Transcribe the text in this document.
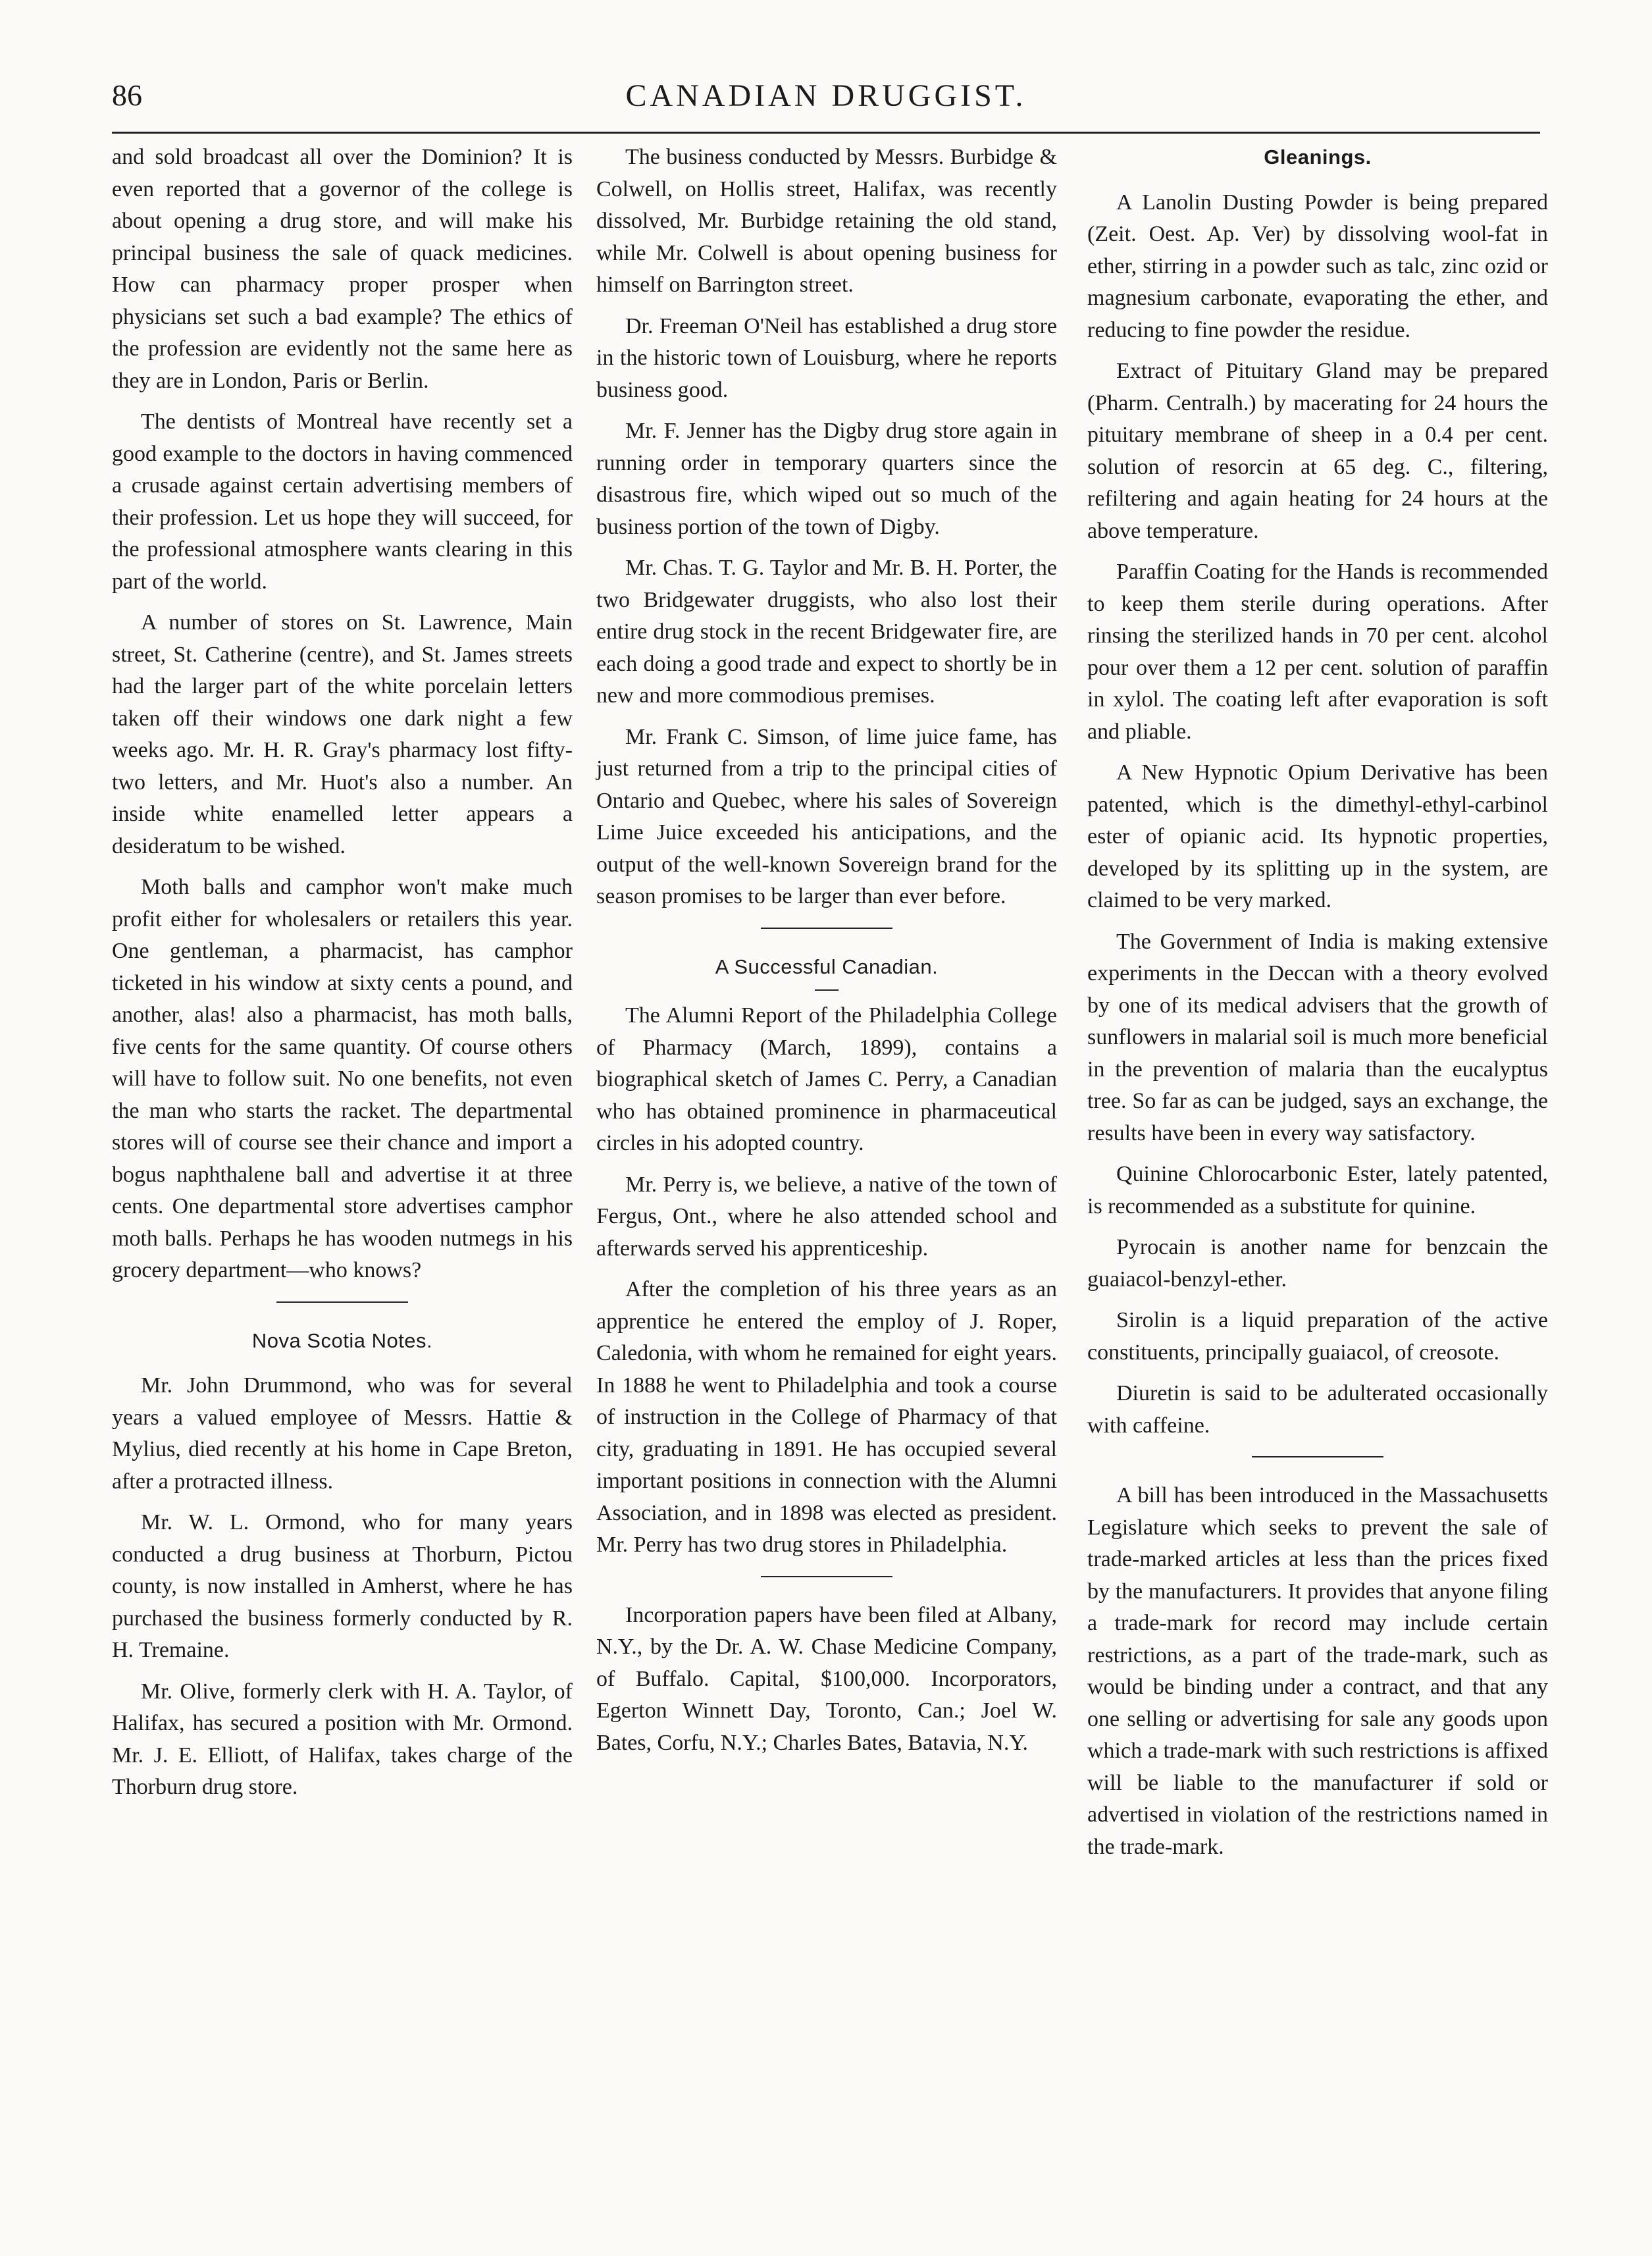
86	CANADIAN DRUGGIST.

and sold broadcast all over the Dominion? It is even reported that a governor of the college is about opening a drug store, and will make his principal business the sale of quack medicines. How can pharmacy proper prosper when physicians set such a bad example? The ethics of the profession are evidently not the same here as they are in London, Paris or Berlin.

The dentists of Montreal have recently set a good example to the doctors in having commenced a crusade against certain advertising members of their profession. Let us hope they will succeed, for the professional atmosphere wants clearing in this part of the world.

A number of stores on St. Lawrence, Main street, St. Catherine (centre), and St. James streets had the larger part of the white porcelain letters taken off their windows one dark night a few weeks ago. Mr. H. R. Gray's pharmacy lost fifty-two letters, and Mr. Huot's also a number. An inside white enamelled letter appears a desideratum to be wished.

Moth balls and camphor won't make much profit either for wholesalers or retailers this year. One gentleman, a pharmacist, has camphor ticketed in his window at sixty cents a pound, and another, alas! also a pharmacist, has moth balls, five cents for the same quantity. Of course others will have to follow suit. No one benefits, not even the man who starts the racket. The departmental stores will of course see their chance and import a bogus naphthalene ball and advertise it at three cents. One departmental store advertises camphor moth balls. Perhaps he has wooden nutmegs in his grocery department—who knows?

Nova Scotia Notes.

Mr. John Drummond, who was for several years a valued employee of Messrs. Hattie & Mylius, died recently at his home in Cape Breton, after a protracted illness.

Mr. W. L. Ormond, who for many years conducted a drug business at Thorburn, Pictou county, is now installed in Amherst, where he has purchased the business formerly conducted by R. H. Tremaine.

Mr. Olive, formerly clerk with H. A. Taylor, of Halifax, has secured a position with Mr. Ormond. Mr. J. E. Elliott, of Halifax, takes charge of the Thorburn drug store.

The business conducted by Messrs. Burbidge & Colwell, on Hollis street, Halifax, was recently dissolved, Mr. Burbidge retaining the old stand, while Mr. Colwell is about opening business for himself on Barrington street.

Dr. Freeman O'Neil has established a drug store in the historic town of Louisburg, where he reports business good.

Mr. F. Jenner has the Digby drug store again in running order in temporary quarters since the disastrous fire, which wiped out so much of the business portion of the town of Digby.

Mr. Chas. T. G. Taylor and Mr. B. H. Porter, the two Bridgewater druggists, who also lost their entire drug stock in the recent Bridgewater fire, are each doing a good trade and expect to shortly be in new and more commodious premises.

Mr. Frank C. Simson, of lime juice fame, has just returned from a trip to the principal cities of Ontario and Quebec, where his sales of Sovereign Lime Juice exceeded his anticipations, and the output of the well-known Sovereign brand for the season promises to be larger than ever before.

A Successful Canadian.

The Alumni Report of the Philadelphia College of Pharmacy (March, 1899), contains a biographical sketch of James C. Perry, a Canadian who has obtained prominence in pharmaceutical circles in his adopted country.

Mr. Perry is, we believe, a native of the town of Fergus, Ont., where he also attended school and afterwards served his apprenticeship.

After the completion of his three years as an apprentice he entered the employ of J. Roper, Caledonia, with whom he remained for eight years. In 1888 he went to Philadelphia and took a course of instruction in the College of Pharmacy of that city, graduating in 1891. He has occupied several important positions in connection with the Alumni Association, and in 1898 was elected as president. Mr. Perry has two drug stores in Philadelphia.

Incorporation papers have been filed at Albany, N.Y., by the Dr. A. W. Chase Medicine Company, of Buffalo. Capital, $100,000. Incorporators, Egerton Winnett Day, Toronto, Can.; Joel W. Bates, Corfu, N.Y.; Charles Bates, Batavia, N.Y.

Gleanings.

A Lanolin Dusting Powder is being prepared (Zeit. Oest. Ap. Ver) by dissolving wool-fat in ether, stirring in a powder such as talc, zinc ozid or magnesium carbonate, evaporating the ether, and reducing to fine powder the residue.

Extract of Pituitary Gland may be prepared (Pharm. Centralh.) by macerating for 24 hours the pituitary membrane of sheep in a 0.4 per cent. solution of resorcin at 65 deg. C., filtering, refiltering and again heating for 24 hours at the above temperature.

Paraffin Coating for the Hands is recommended to keep them sterile during operations. After rinsing the sterilized hands in 70 per cent. alcohol pour over them a 12 per cent. solution of paraffin in xylol. The coating left after evaporation is soft and pliable.

A New Hypnotic Opium Derivative has been patented, which is the dimethyl-ethyl-carbinol ester of opianic acid. Its hypnotic properties, developed by its splitting up in the system, are claimed to be very marked.

The Government of India is making extensive experiments in the Deccan with a theory evolved by one of its medical advisers that the growth of sunflowers in malarial soil is much more beneficial in the prevention of malaria than the eucalyptus tree. So far as can be judged, says an exchange, the results have been in every way satisfactory.

Quinine Chlorocarbonic Ester, lately patented, is recommended as a substitute for quinine.

Pyrocain is another name for benzcain the guaiacol-benzyl-ether.

Sirolin is a liquid preparation of the active constituents, principally guaiacol, of creosote.

Diuretin is said to be adulterated occasionally with caffeine.

A bill has been introduced in the Massachusetts Legislature which seeks to prevent the sale of trade-marked articles at less than the prices fixed by the manufacturers. It provides that anyone filing a trade-mark for record may include certain restrictions, as a part of the trade-mark, such as would be binding under a contract, and that any one selling or advertising for sale any goods upon which a trade-mark with such restrictions is affixed will be liable to the manufacturer if sold or advertised in violation of the restrictions named in the trade-mark.
